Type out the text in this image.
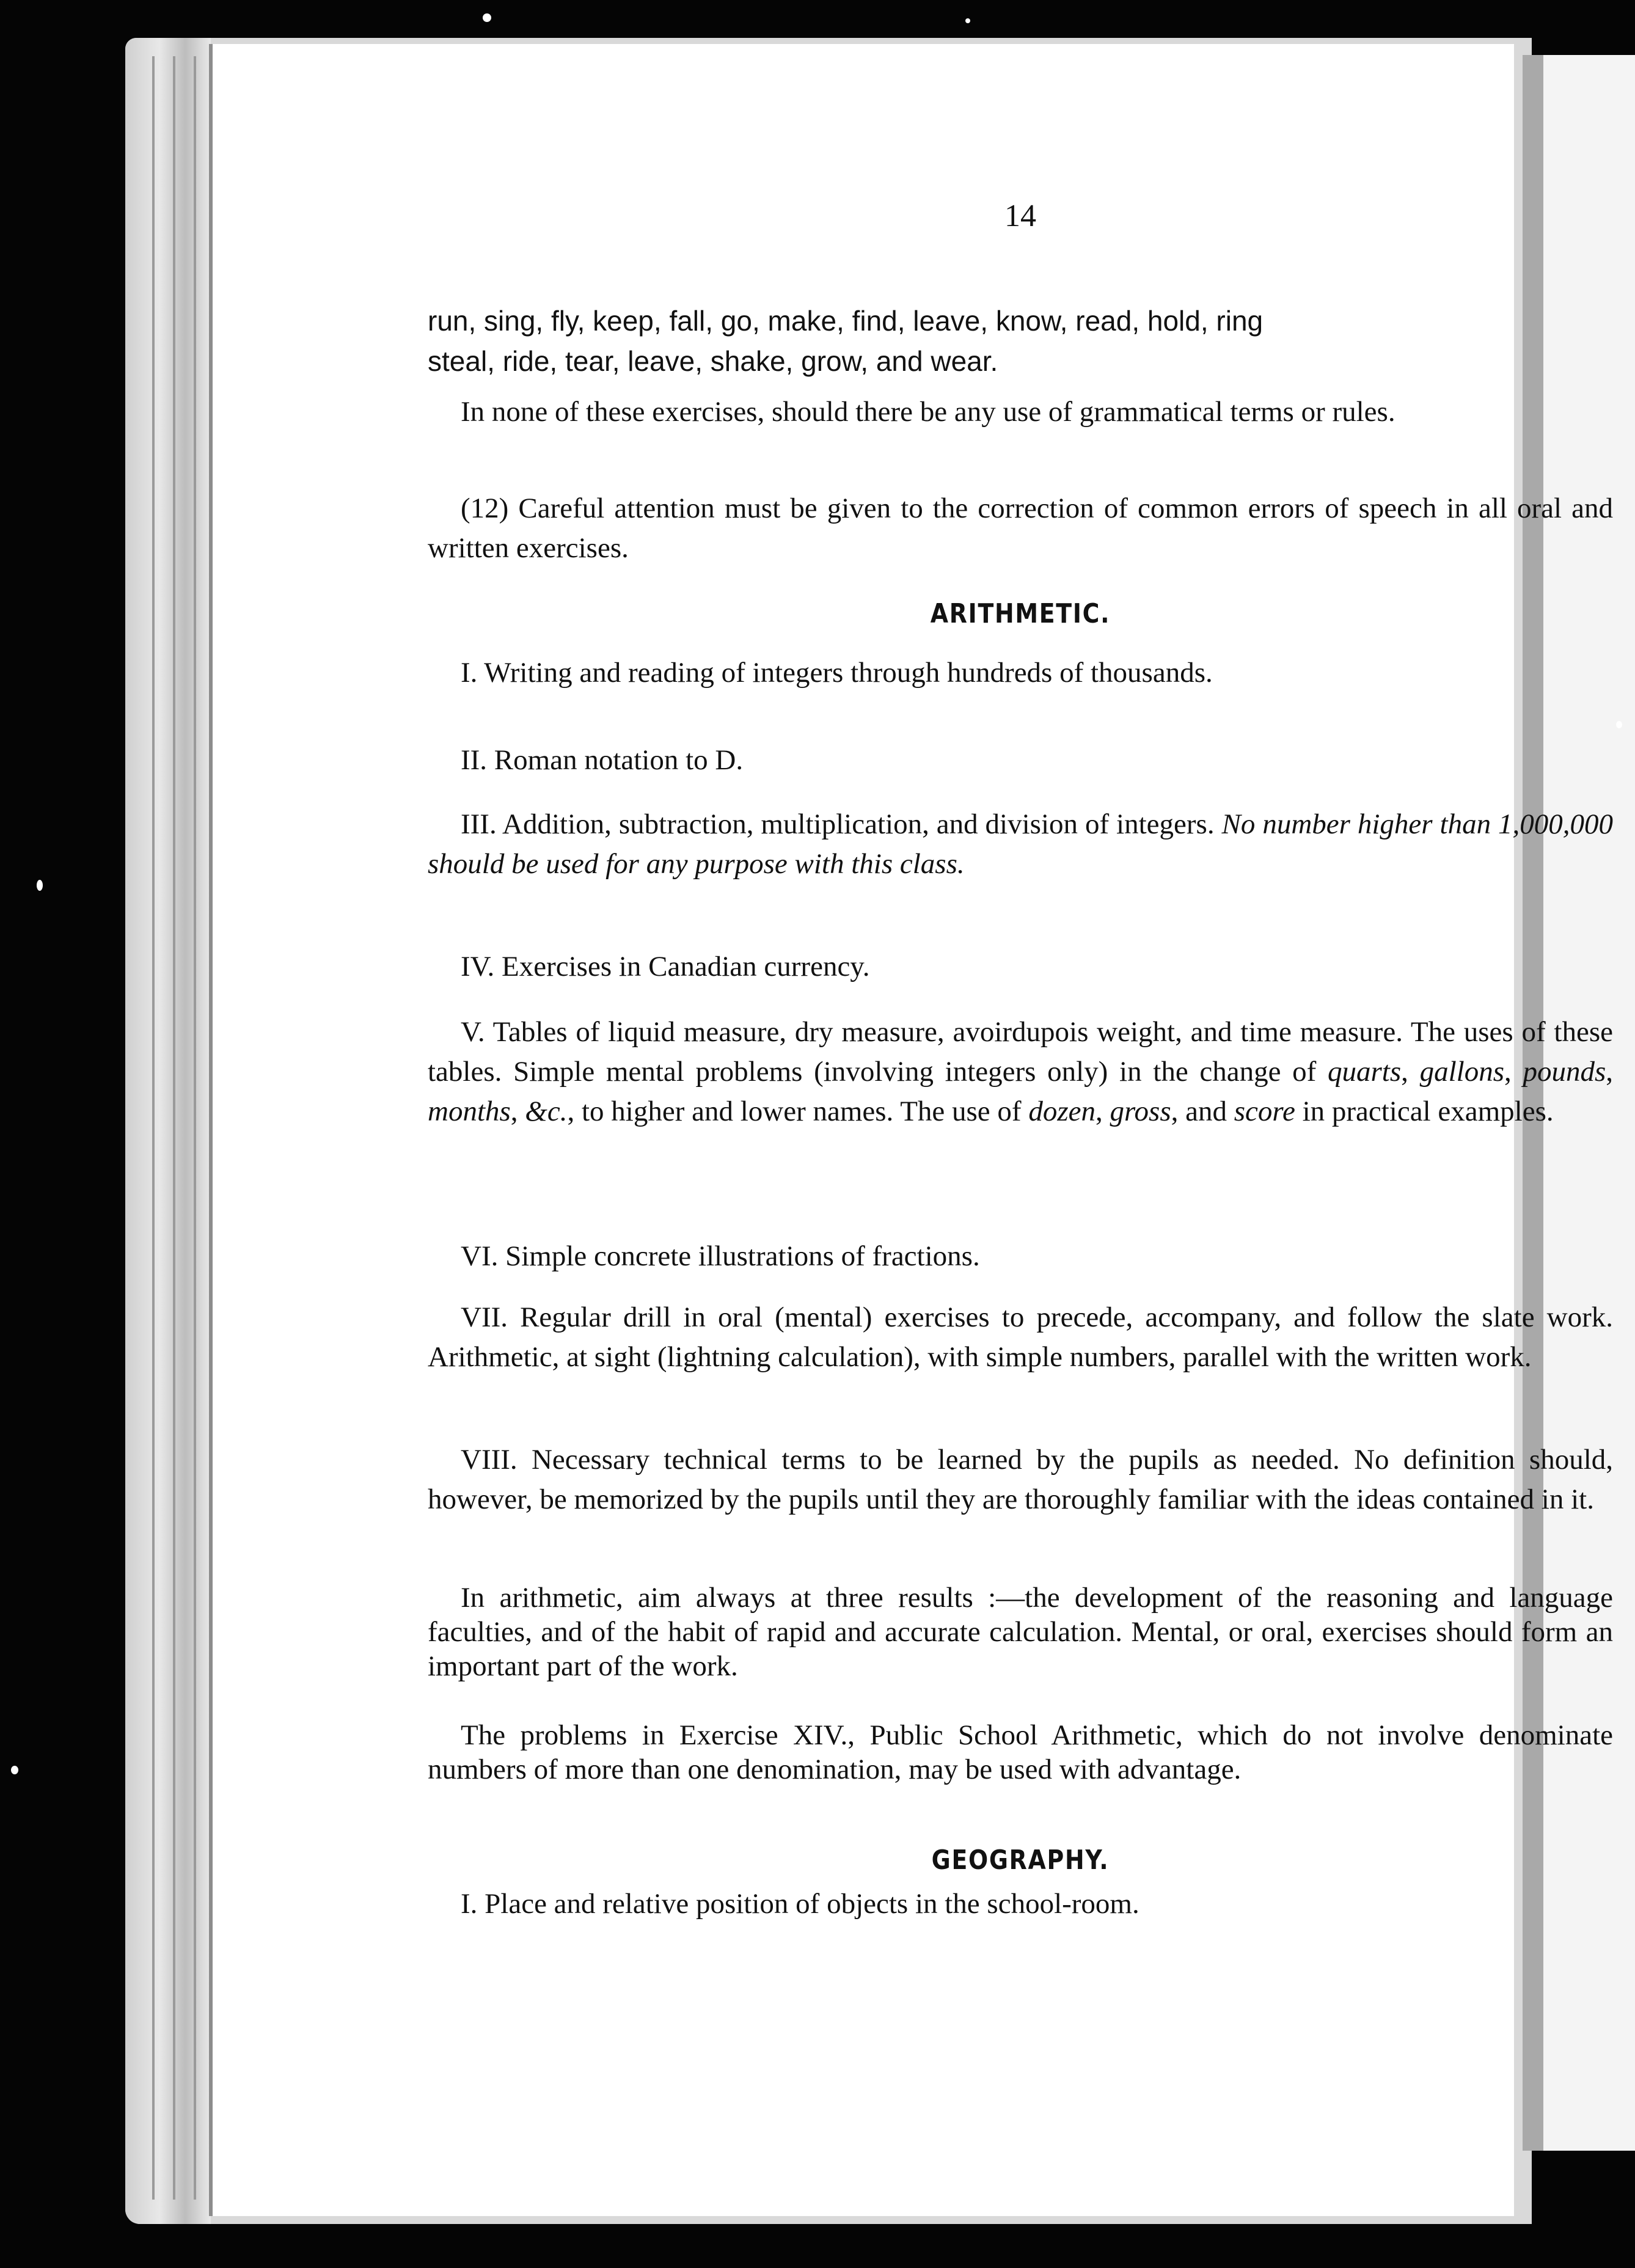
14

run, sing, fly, keep, fall, go, make, find, leave, know, read, hold, ring
steal, ride, tear, leave, shake, grow, and wear.

In none of these exercises, should there be any use of grammatical terms or rules.

(12) Careful attention must be given to the correction of common errors of speech in all oral and written exercises.

ARITHMETIC.

I. Writing and reading of integers through hundreds of thousands.

II. Roman notation to D.

III. Addition, subtraction, multiplication, and division of integers. No number higher than 1,000,000 should be used for any purpose with this class.

IV. Exercises in Canadian currency.

V. Tables of liquid measure, dry measure, avoirdupois weight, and time measure. The uses of these tables. Simple mental problems (involving integers only) in the change of quarts, gallons, pounds, months, &c., to higher and lower names. The use of dozen, gross, and score in practical examples.

VI. Simple concrete illustrations of fractions.

VII. Regular drill in oral (mental) exercises to precede, accompany, and follow the slate work. Arithmetic, at sight (lightning calculation), with simple numbers, parallel with the written work.

VIII. Necessary technical terms to be learned by the pupils as needed. No definition should, however, be memorized by the pupils until they are thoroughly familiar with the ideas contained in it.

In arithmetic, aim always at three results :—the development of the reasoning and language faculties, and of the habit of rapid and accurate calculation. Mental, or oral, exercises should form an important part of the work.

The problems in Exercise XIV., Public School Arithmetic, which do not involve denominate numbers of more than one denomination, may be used with advantage.

GEOGRAPHY.

I. Place and relative position of objects in the school-room.
